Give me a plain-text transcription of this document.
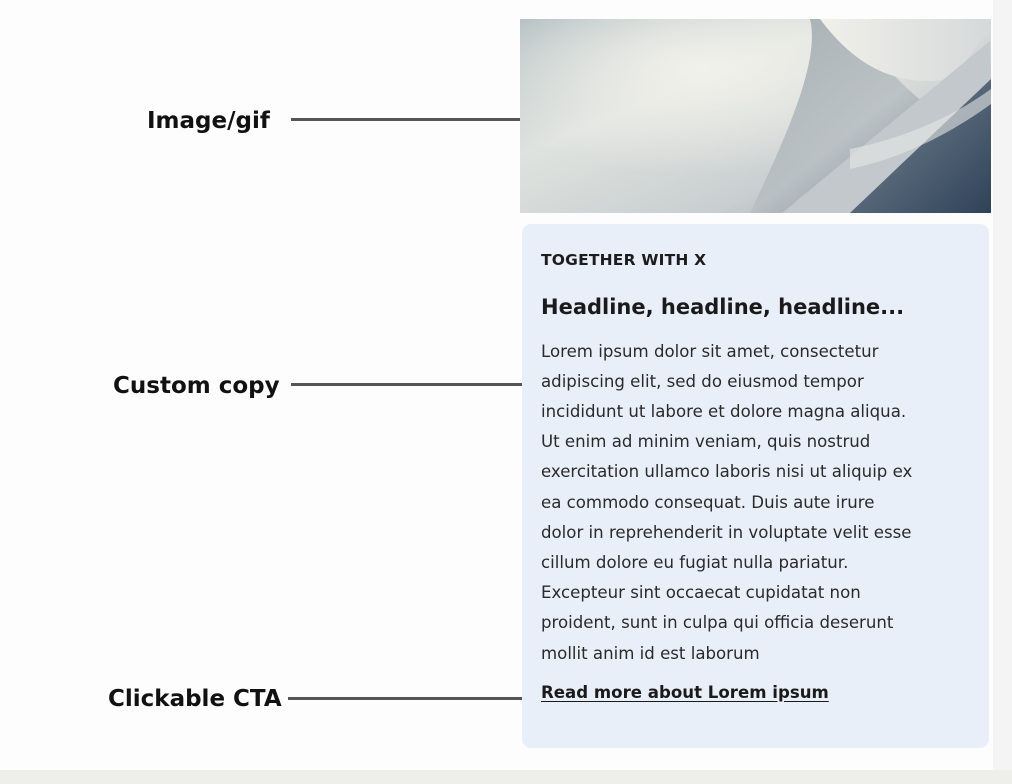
Image/gif
Custom copy
Clickable CTA

TOGETHER WITH X

Headline, headline, headline...
Lorem ipsum dolor sit amet, consectetur
adipiscing elit, sed do eiusmod tempor
incididunt ut labore et dolore magna aliqua.
Ut enim ad minim veniam, quis nostrud
exercitation ullamco laboris nisi ut aliquip ex
ea commodo consequat. Duis aute irure
dolor in reprehenderit in voluptate velit esse
cillum dolore eu fugiat nulla pariatur.
Excepteur sint occaecat cupidatat non
proident, sunt in culpa qui officia deserunt
mollit anim id est laborum
Read more about Lorem ipsum
